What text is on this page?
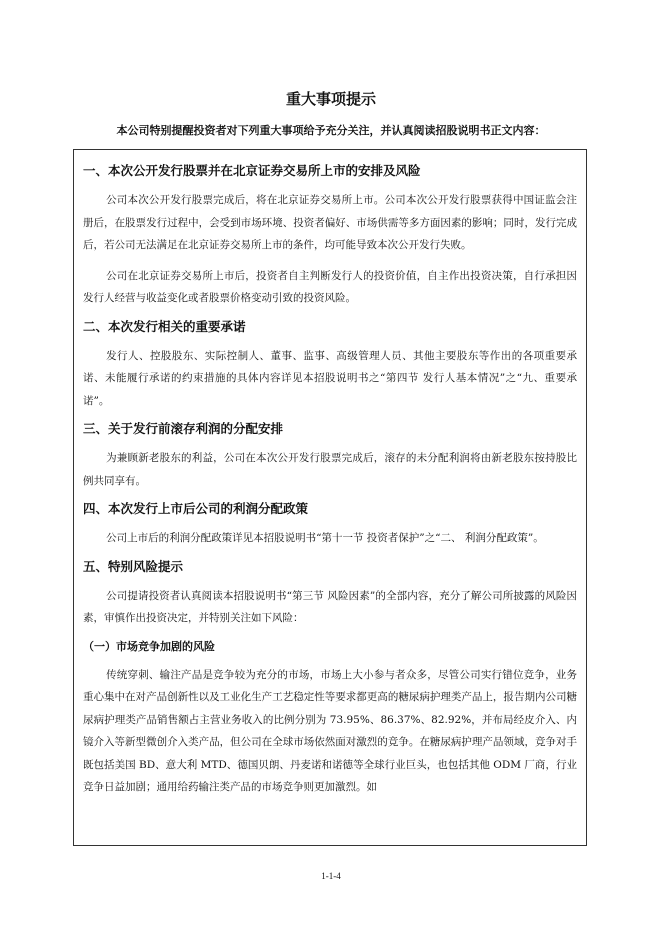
重大事项提示
本公司特别提醒投资者对下列重大事项给予充分关注，并认真阅读招股说明书正文内容：
一、本次公开发行股票并在北京证券交易所上市的安排及风险
公司本次公开发行股票完成后，将在北京证券交易所上市。公司本次公开发行股票获得中国证监会注册后，在股票发行过程中，会受到市场环境、投资者偏好、市场供需等多方面因素的影响；同时，发行完成后，若公司无法满足在北京证券交易所上市的条件，均可能导致本次公开发行失败。
公司在北京证券交易所上市后，投资者自主判断发行人的投资价值，自主作出投资决策，自行承担因发行人经营与收益变化或者股票价格变动引致的投资风险。
二、本次发行相关的重要承诺
发行人、控股股东、实际控制人、董事、监事、高级管理人员、其他主要股东等作出的各项重要承诺、未能履行承诺的约束措施的具体内容详见本招股说明书之“第四节 发行人基本情况”之“九、重要承诺”。
三、关于发行前滚存利润的分配安排
为兼顾新老股东的利益，公司在本次公开发行股票完成后，滚存的未分配利润将由新老股东按持股比例共同享有。
四、本次发行上市后公司的利润分配政策
公司上市后的利润分配政策详见本招股说明书“第十一节 投资者保护”之“二、 利润分配政策”。
五、特别风险提示
公司提请投资者认真阅读本招股说明书“第三节 风险因素”的全部内容，充分了解公司所披露的风险因素，审慎作出投资决定，并特别关注如下风险：
（一）市场竞争加剧的风险
传统穿刺、输注产品是竞争较为充分的市场，市场上大小参与者众多，尽管公司实行错位竞争，业务重心集中在对产品创新性以及工业化生产工艺稳定性等要求都更高的糖尿病护理类产品上，报告期内公司糖尿病护理类产品销售额占主营业务收入的比例分别为 73.95%、86.37%、82.92%，并布局经皮介入、内镜介入等新型微创介入类产品，但公司在全球市场依然面对激烈的竞争。在糖尿病护理产品领域，竞争对手既包括美国 BD、意大利 MTD、德国贝朗、丹麦诺和诺德等全球行业巨头，也包括其他 ODM 厂商，行业竞争日益加剧；通用给药输注类产品的市场竞争则更加激烈。如
1-1-4
